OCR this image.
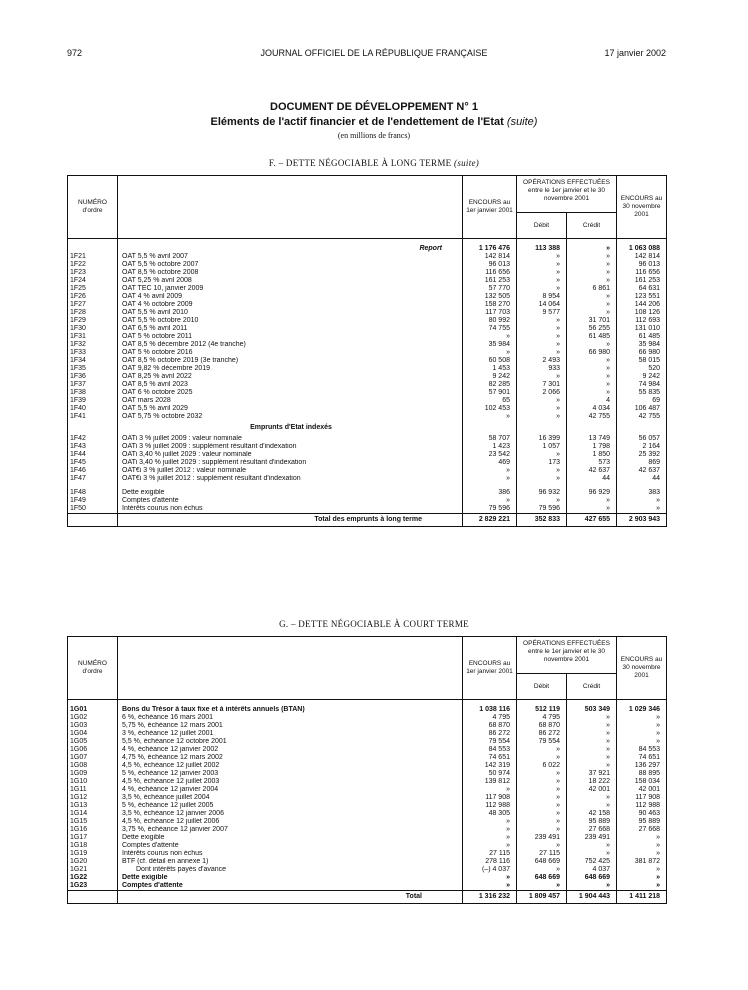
972	JOURNAL OFFICIEL DE LA RÉPUBLIQUE FRANÇAISE	17 janvier 2002
DOCUMENT DE DÉVELOPPEMENT N° 1
Eléments de l'actif financier et de l'endettement de l'Etat (suite)
(en millions de francs)
F. – DETTE NÉGOCIABLE À LONG TERME (suite)
NUMÉRO d'ordre		ENCOURS au 1er janvier 2001	OPÉRATIONS EFFECTUÉES entre le 1er janvier et le 30 novembre 2001
Débit Crédit		ENCOURS au 30 novembre 2001

	Report	1 176 476	113 388	»	1 063 088
1F21	OAT 5,5 % avril 2007	142 814	»	»	142 814
1F22	OAT 5,5 % octobre 2007	96 013	»	»	96 013
1F23	OAT 8,5 % octobre 2008	116 656	»	»	116 656
1F24	OAT 5,25 % avril 2008	161 253	»	»	161 253
1F25	OAT TEC 10, janvier 2009	57 770	»	6 861	64 631
1F26	OAT 4 % avril 2009	132 505	8 954	»	123 551
1F27	OAT 4 % octobre 2009	158 270	14 064	»	144 206
1F28	OAT 5,5 % avril 2010	117 703	9 577	»	108 126
1F29	OAT 5,5 % octobre 2010	80 992	»	31 701	112 693
1F30	OAT 6,5 % avril 2011	74 755	»	56 255	131 010
1F31	OAT 5 % octobre 2011	»	»	61 485	61 485
1F32	OAT 8,5 % décembre 2012 (4e tranche)	35 984	»	»	35 984
1F33	OAT 5 % octobre 2016	»	»	66 980	66 980
1F34	OAT 8,5 % octobre 2019 (3e tranche)	60 508	2 493	»	58 015
1F35	OAT 9,82 % décembre 2019	1 453	933	»	520
1F36	OAT 8,25 % avril 2022	9 242	»	»	9 242
1F37	OAT 8,5 % avril 2023	82 285	7 301	»	74 984
1F38	OAT 6 % octobre 2025	57 901	2 066	»	55 835
1F39	OAT mars 2028	65	»	4	69
1F40	OAT 5,5 % avril 2029	102 453	»	4 034	106 487
1F41	OAT 5,75 % octobre 2032	»	»	42 755	42 755
	Emprunts d'Etat indexés				
1F42	OATi 3 % juillet 2009 : valeur nominale	58 707	16 399	13 749	56 057
1F43	OATi 3 % juillet 2009 : supplément résultant d'indexation	1 423	1 057	1 798	2 164
1F44	OATi 3,40 % juillet 2029 : valeur nominale	23 542	»	1 850	25 392
1F45	OATi 3,40 % juillet 2029 : supplément résultant d'indexation	469	173	573	869
1F46	OAT€i 3 % juillet 2012 : valeur nominale	»	»	42 637	42 637
1F47	OAT€i 3 % juillet 2012 : supplément résultant d'indexation	»	»	44	44

1F48	Dette exigible	386	96 932	96 929	383
1F49	Comptes d'attente	»	»	»	»
1F50	Intérêts courus non échus	79 596	79 596	»	»
	Total des emprunts à long terme	2 829 221	352 833	427 655	2 903 943
G. – DETTE NÉGOCIABLE À COURT TERME
NUMÉRO d'ordre		ENCOURS au 1er janvier 2001	OPÉRATIONS EFFECTUÉES entre le 1er janvier et le 30 novembre 2001
Débit Crédit		ENCOURS au 30 novembre 2001

1G01	Bons du Trésor à taux fixe et à intérêts annuels (BTAN)	1 038 116	512 119	503 349	1 029 346
1G02	6 %, échéance 16 mars 2001	4 795	4 795	»	»
1G03	5,75 %, échéance 12 mars 2001	68 870	68 870	»	»
1G04	3 %, échéance 12 juillet 2001	86 272	86 272	»	»
1G05	5,5 %, échéance 12 octobre 2001	79 554	79 554	»	»
1G06	4 %, échéance 12 janvier 2002	84 553	»	»	84 553
1G07	4,75 %, échéance 12 mars 2002	74 651	»	»	74 651
1G08	4,5 %, échéance 12 juillet 2002	142 319	6 022	»	136 297
1G09	5 %, échéance 12 janvier 2003	50 974	»	37 921	88 895
1G10	4,5 %, échéance 12 juillet 2003	139 812	»	18 222	158 034
1G11	4 %, échéance 12 janvier 2004	»	»	42 001	42 001
1G12	3,5 %, échéance juillet 2004	117 908	»	»	117 908
1G13	5 %, échéance 12 juillet 2005	112 988	»	»	112 988
1G14	3,5 %, échéance 12 janvier 2006	48 305	»	42 158	90 463
1G15	4,5 %, échéance 12 juillet 2006	»	»	95 889	95 889
1G16	3,75 %, échéance 12 janvier 2007	»	»	27 668	27 668
1G17	Dette exigible	»	239 491	239 491	»
1G18	Comptes d'attente	»	»	»	»
1G19	Intérêts courus non échus	27 115	27 115	»	»
1G20	BTF (cf. détail en annexe 1)	278 116	648 669	752 425	381 872
1G21	Dont intérêts payés d'avance	(–) 4 037	»	4 037	»
1G22	Dette exigible	»	648 669	648 669	»
1G23	Comptes d'attente	»	»	»	»
	Total	1 316 232	1 809 457	1 904 443	1 411 218
